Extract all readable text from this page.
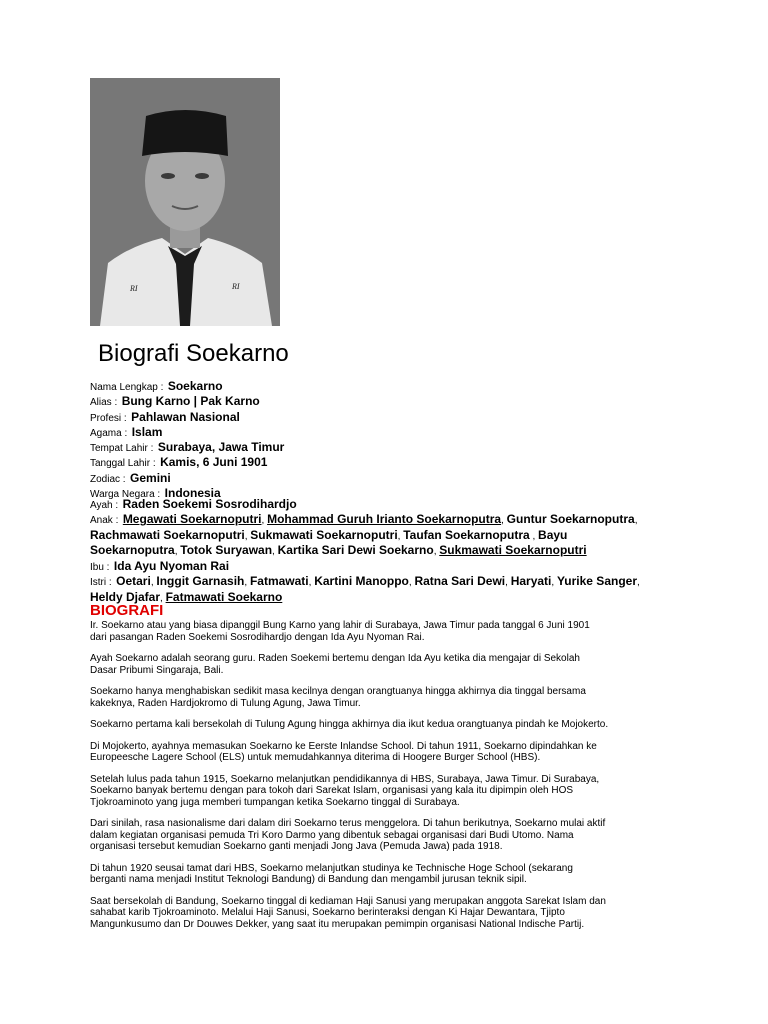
RI	RI
Biografi Soekarno
Nama Lengkap : Soekarno
Alias : Bung Karno | Pak Karno
Profesi : Pahlawan Nasional
Agama : Islam
Tempat Lahir : Surabaya, Jawa Timur
Tanggal Lahir : Kamis, 6 Juni 1901
Zodiac : Gemini
Warga Negara : Indonesia
Ayah : Raden Soekemi Sosrodihardjo
Anak : Megawati Soekarnoputri, Mohammad Guruh Irianto Soekarnoputra, Guntur Soekarnoputra, Rachmawati Soekarnoputri, Sukmawati Soekarnoputri, Taufan Soekarnoputra , Bayu Soekarnoputra, Totok Suryawan, Kartika Sari Dewi Soekarno, Sukmawati Soekarnoputri
Ibu : Ida Ayu Nyoman Rai
Istri : Oetari, Inggit Garnasih, Fatmawati, Kartini Manoppo, Ratna Sari Dewi, Haryati, Yurike Sanger, Heldy Djafar, Fatmawati Soekarno
BIOGRAFI

Ir. Soekarno atau yang biasa dipanggil Bung Karno yang lahir di Surabaya, Jawa Timur pada tanggal 6 Juni 1901
dari pasangan Raden Soekemi Sosrodihardjo dengan Ida Ayu Nyoman Rai.

Ayah Soekarno adalah seorang guru. Raden Soekemi bertemu dengan Ida Ayu ketika dia mengajar di Sekolah
Dasar Pribumi Singaraja, Bali.

Soekarno hanya menghabiskan sedikit masa kecilnya dengan orangtuanya hingga akhirnya dia tinggal bersama
kakeknya, Raden Hardjokromo di Tulung Agung, Jawa Timur.

Soekarno pertama kali bersekolah di Tulung Agung hingga akhirnya dia ikut kedua orangtuanya pindah ke Mojokerto.

Di Mojokerto, ayahnya memasukan Soekarno ke Eerste Inlandse School. Di tahun 1911, Soekarno dipindahkan ke
Europeesche Lagere School (ELS) untuk memudahkannya diterima di Hoogere Burger School (HBS).

Setelah lulus pada tahun 1915, Soekarno melanjutkan pendidikannya di HBS, Surabaya, Jawa Timur. Di Surabaya,
Soekarno banyak bertemu dengan para tokoh dari Sarekat Islam, organisasi yang kala itu dipimpin oleh HOS
Tjokroaminoto yang juga memberi tumpangan ketika Soekarno tinggal di Surabaya.

Dari sinilah, rasa nasionalisme dari dalam diri Soekarno terus menggelora. Di tahun berikutnya, Soekarno mulai aktif
dalam kegiatan organisasi pemuda Tri Koro Darmo yang dibentuk sebagai organisasi dari Budi Utomo. Nama
organisasi tersebut kemudian Soekarno ganti menjadi Jong Java (Pemuda Jawa) pada 1918.

Di tahun 1920 seusai tamat dari HBS, Soekarno melanjutkan studinya ke Technische Hoge School (sekarang
berganti nama menjadi Institut Teknologi Bandung) di Bandung dan mengambil jurusan teknik sipil.

Saat bersekolah di Bandung, Soekarno tinggal di kediaman Haji Sanusi yang merupakan anggota Sarekat Islam dan
sahabat karib Tjokroaminoto. Melalui Haji Sanusi, Soekarno berinteraksi dengan Ki Hajar Dewantara, Tjipto
Mangunkusumo dan Dr Douwes Dekker, yang saat itu merupakan pemimpin organisasi National Indische Partij.
